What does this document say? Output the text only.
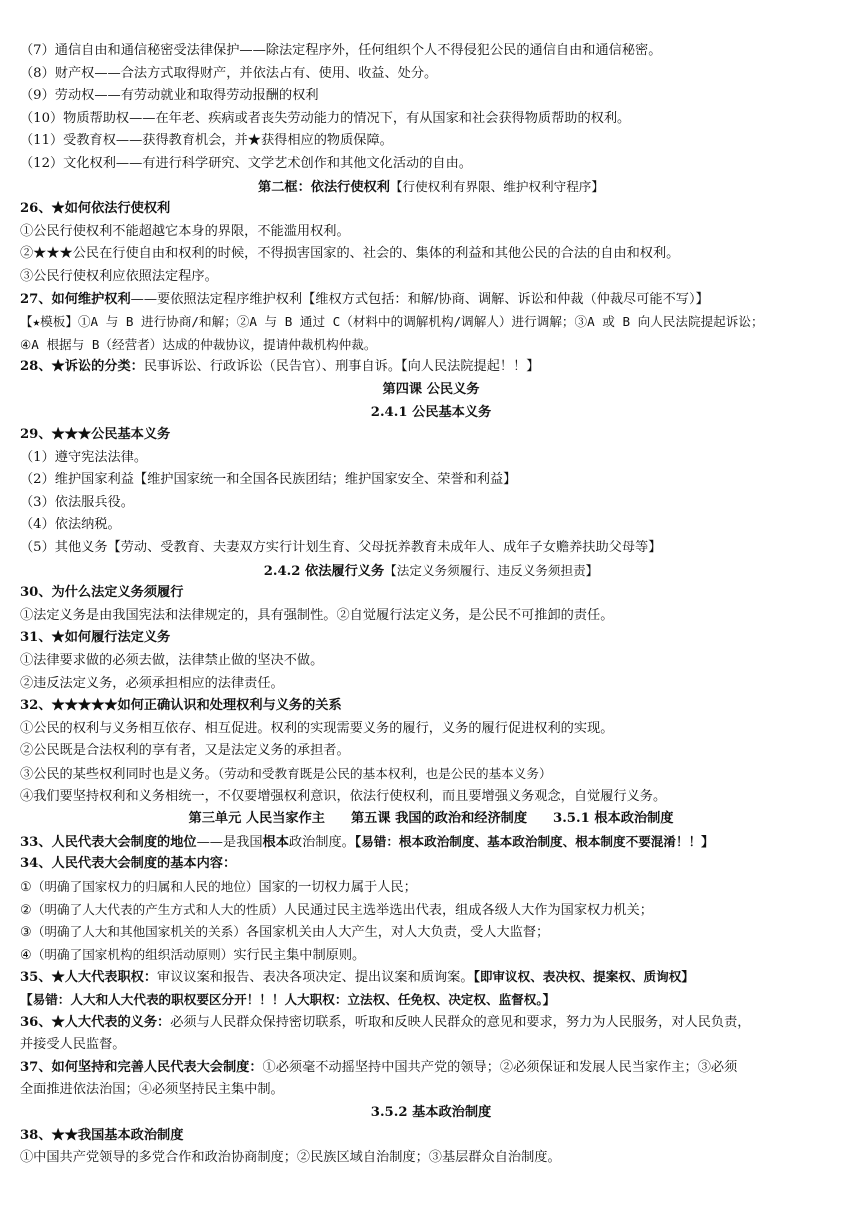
（7）通信自由和通信秘密受法律保护——除法定程序外，任何组织个人不得侵犯公民的通信自由和通信秘密。
（8）财产权——合法方式取得财产，并依法占有、使用、收益、处分。
（9）劳动权——有劳动就业和取得劳动报酬的权利
（10）物质帮助权——在年老、疾病或者丧失劳动能力的情况下，有从国家和社会获得物质帮助的权利。
（11）受教育权——获得教育机会，并★获得相应的物质保障。
（12）文化权利——有进行科学研究、文学艺术创作和其他文化活动的自由。
第二框：依法行使权利【行使权利有界限、维护权利守程序】
26、★如何依法行使权利
①公民行使权利不能超越它本身的界限，不能滥用权利。
②★★★公民在行使自由和权利的时候，不得损害国家的、社会的、集体的利益和其他公民的合法的自由和权利。
③公民行使权利应依照法定程序。
27、如何维护权利——要依照法定程序维护权利【维权方式包括：和解/协商、调解、诉讼和仲裁（仲裁尽可能不写）】
【★模板】①A 与 B 进行协商/和解；②A 与 B 通过 C（材料中的调解机构/调解人）进行调解；③A 或 B 向人民法院提起诉讼；
④A 根据与 B（经营者）达成的仲裁协议，提请仲裁机构仲裁。
28、★诉讼的分类：民事诉讼、行政诉讼（民告官）、刑事自诉。【向人民法院提起！！】
第四课 公民义务
2.4.1 公民基本义务
29、★★★公民基本义务
（1）遵守宪法法律。
（2）维护国家利益【维护国家统一和全国各民族团结；维护国家安全、荣誉和利益】
（3）依法服兵役。
（4）依法纳税。
（5）其他义务【劳动、受教育、夫妻双方实行计划生育、父母抚养教育未成年人、成年子女赡养扶助父母等】
2.4.2 依法履行义务【法定义务须履行、违反义务须担责】
30、为什么法定义务须履行
①法定义务是由我国宪法和法律规定的，具有强制性。②自觉履行法定义务，是公民不可推卸的责任。
31、★如何履行法定义务
①法律要求做的必须去做，法律禁止做的坚决不做。
②违反法定义务，必须承担相应的法律责任。
32、★★★★★如何正确认识和处理权利与义务的关系
①公民的权利与义务相互依存、相互促进。权利的实现需要义务的履行，义务的履行促进权利的实现。
②公民既是合法权利的享有者，又是法定义务的承担者。
③公民的某些权利同时也是义务。（劳动和受教育既是公民的基本权利，也是公民的基本义务）
④我们要坚持权利和义务相统一，不仅要增强权利意识，依法行使权利，而且要增强义务观念，自觉履行义务。
第三单元 人民当家作主 第五课 我国的政治和经济制度 3.5.1 根本政治制度
33、人民代表大会制度的地位——是我国根本政治制度。【易错：根本政治制度、基本政治制度、根本制度不要混淆！！】
34、人民代表大会制度的基本内容：
①（明确了国家权力的归属和人民的地位）国家的一切权力属于人民；
②（明确了人大代表的产生方式和人大的性质）人民通过民主选举选出代表，组成各级人大作为国家权力机关；
③（明确了人大和其他国家机关的关系）各国家机关由人大产生，对人大负责，受人大监督；
④（明确了国家机构的组织活动原则）实行民主集中制原则。
35、★人大代表职权：审议议案和报告、表决各项决定、提出议案和质询案。【即审议权、表决权、提案权、质询权】
【易错：人大和人大代表的职权要区分开！！！人大职权：立法权、任免权、决定权、监督权。】
36、★人大代表的义务：必须与人民群众保持密切联系，听取和反映人民群众的意见和要求，努力为人民服务，对人民负责，
并接受人民监督。
37、如何坚持和完善人民代表大会制度：①必须毫不动摇坚持中国共产党的领导；②必须保证和发展人民当家作主；③必须
全面推进依法治国；④必须坚持民主集中制。
3.5.2 基本政治制度
38、★★我国基本政治制度
①中国共产党领导的多党合作和政治协商制度；②民族区域自治制度；③基层群众自治制度。
